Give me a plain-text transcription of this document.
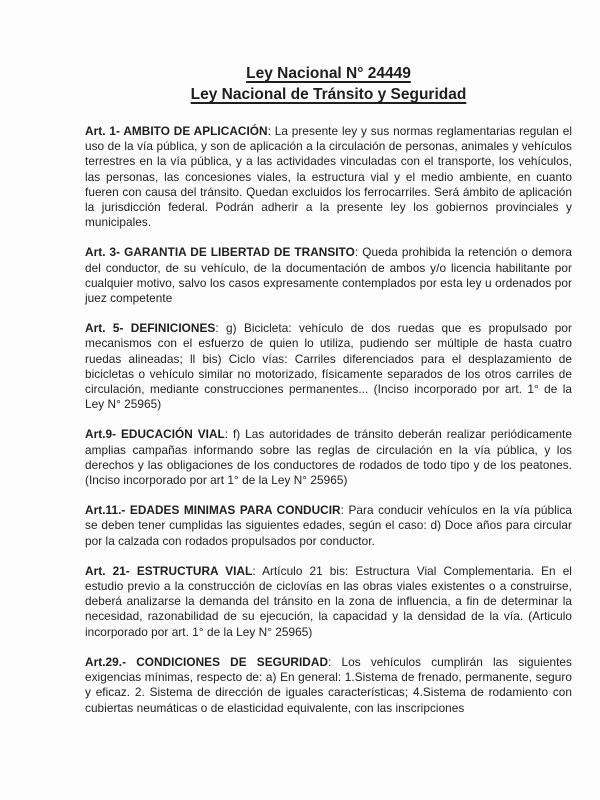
Ley Nacional N° 24449
Ley Nacional de Tránsito y Seguridad

Art. 1- AMBITO DE APLICACIÓN: La presente ley y sus normas reglamentarias regulan el uso de la vía pública, y son de aplicación a la circulación de personas, animales y vehículos terrestres en la vía pública, y a las actividades vinculadas con el transporte, los vehículos, las personas, las concesiones viales, la estructura vial y el medio ambiente, en cuanto fueren con causa del tránsito. Quedan excluidos los ferrocarriles. Será ámbito de aplicación la jurisdicción federal. Podrán adherir a la presente ley los gobiernos provinciales y municipales.

Art. 3- GARANTIA DE LIBERTAD DE TRANSITO: Queda prohibida la retención o demora del conductor, de su vehículo, de la documentación de ambos y/o licencia habilitante por cualquier motivo, salvo los casos expresamente contemplados por esta ley u ordenados por juez competente

Art. 5- DEFINICIONES: g) Bicicleta: vehículo de dos ruedas que es propulsado por mecanismos con el esfuerzo de quien lo utiliza, pudiendo ser múltiple de hasta cuatro ruedas alineadas; ll bis) Ciclo vías: Carriles diferenciados para el desplazamiento de bicicletas o vehículo similar no motorizado, físicamente separados de los otros carriles de circulación, mediante construcciones permanentes... (Inciso incorporado por art. 1° de la Ley N° 25965)

Art.9- EDUCACIÓN VIAL: f) Las autoridades de tránsito deberán realizar periódicamente amplias campañas informando sobre las reglas de circulación en la vía pública, y los derechos y las obligaciones de los conductores de rodados de todo tipo y de los peatones. (Inciso incorporado por art 1° de la Ley N° 25965)

Art.11.- EDADES MINIMAS PARA CONDUCIR: Para conducir vehículos en la vía pública se deben tener cumplidas las siguientes edades, según el caso: d) Doce años para circular por la calzada con rodados propulsados por conductor.

Art. 21- ESTRUCTURA VIAL: Artículo 21 bis: Estructura Vial Complementaria. En el estudio previo a la construcción de ciclovías en las obras viales existentes o a construirse, deberá analizarse la demanda del tránsito en la zona de influencia, a fin de determinar la necesidad, razonabilidad de su ejecución, la capacidad y la densidad de la vía. (Articulo incorporado por art. 1° de la Ley N° 25965)

Art.29.- CONDICIONES DE SEGURIDAD: Los vehículos cumplirán las siguientes exigencias mínimas, respecto de: a) En general: 1.Sistema de frenado, permanente, seguro y eficaz. 2. Sistema de dirección de iguales características; 4.Sistema de rodamiento con cubiertas neumáticas o de elasticidad equivalente, con las inscripciones
